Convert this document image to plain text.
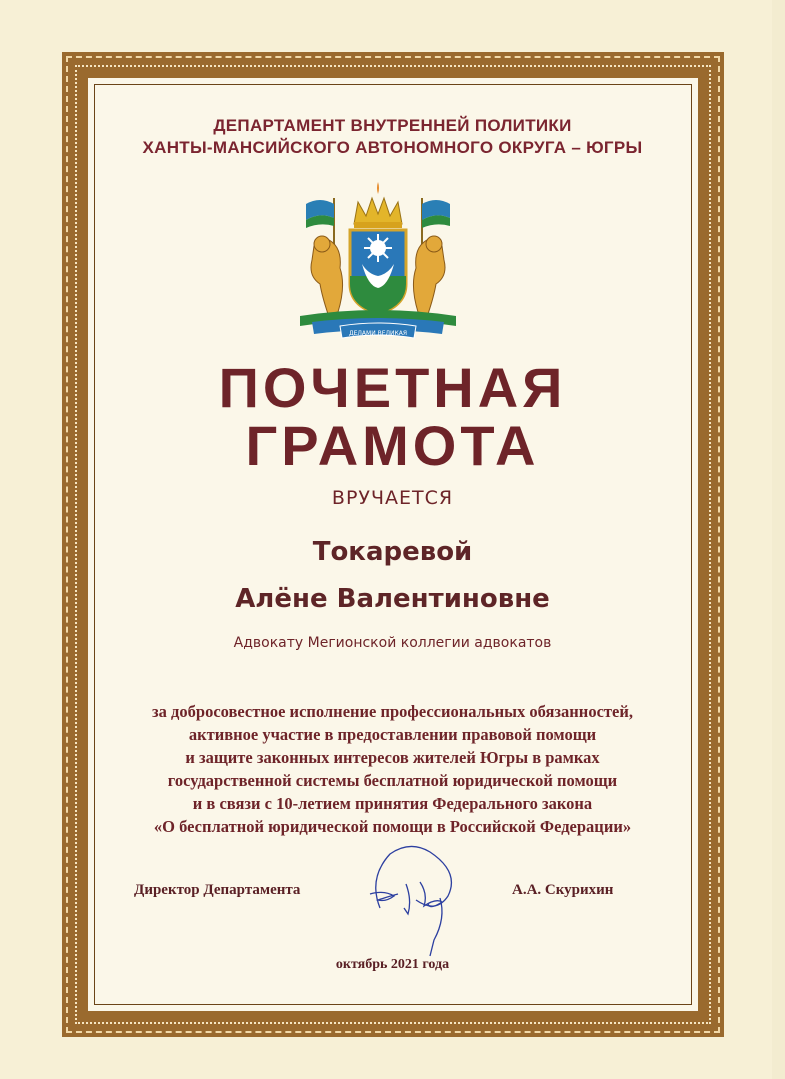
ДЕПАРТАМЕНТ ВНУТРЕННЕЙ ПОЛИТИКИ
ХАНТЫ-МАНСИЙСКОГО АВТОНОМНОГО ОКРУГА – ЮГРЫ
ДЕЛАМИ ВЕЛИКАЯ
ПОЧЕТНАЯ
ГРАМОТА
ВРУЧАЕТСЯ
Токаревой
Алёне Валентиновне
Адвокату Мегионской коллегии адвокатов
за добросовестное исполнение профессиональных обязанностей,
активное участие в предоставлении правовой помощи
и защите законных интересов жителей Югры в рамках
государственной системы бесплатной юридической помощи
и в связи с 10-летием принятия Федерального закона
«О бесплатной юридической помощи в Российской Федерации»
Директор Департамента	А.А. Скурихин
октябрь 2021 года
